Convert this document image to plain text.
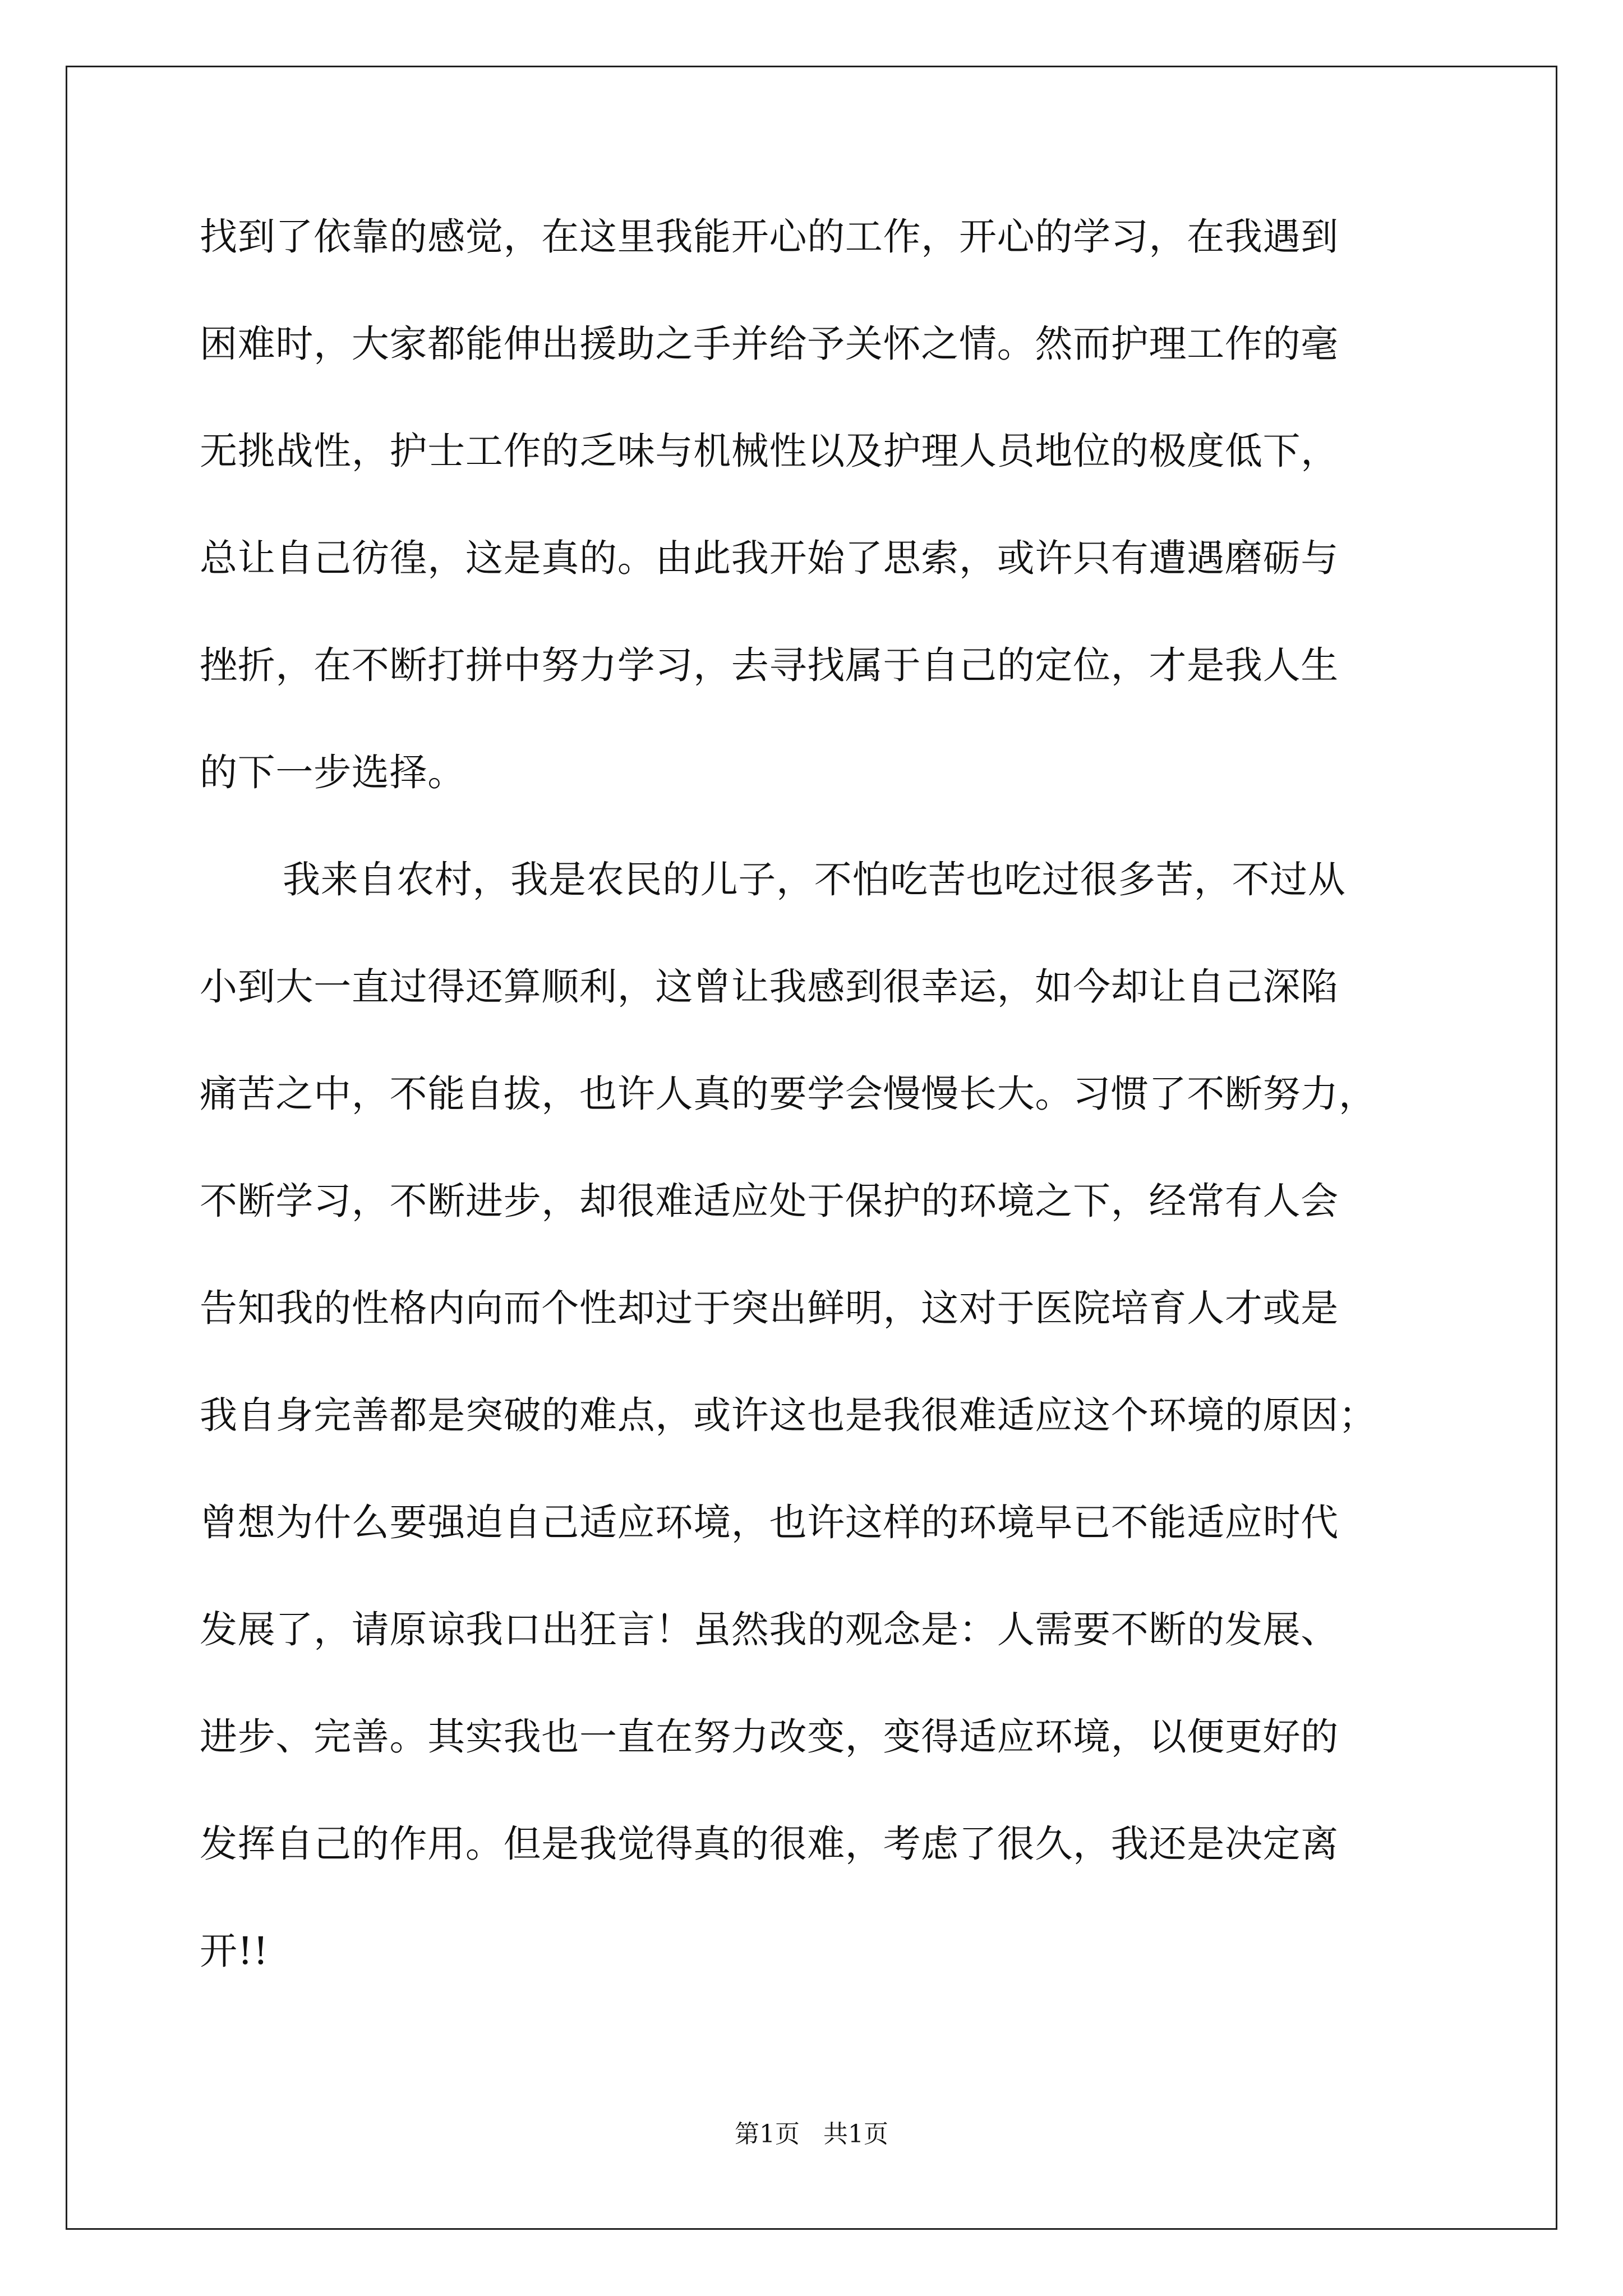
找到了依靠的感觉，在这里我能开心的工作，开心的学习，在我遇到
困难时，大家都能伸出援助之手并给予关怀之情。然而护理工作的毫
无挑战性，护士工作的乏味与机械性以及护理人员地位的极度低下，
总让自己彷徨，这是真的。由此我开始了思索，或许只有遭遇磨砺与
挫折，在不断打拼中努力学习，去寻找属于自己的定位，才是我人生
的下一步选择。
我来自农村，我是农民的儿子，不怕吃苦也吃过很多苦，不过从
小到大一直过得还算顺利，这曾让我感到很幸运，如今却让自己深陷
痛苦之中，不能自拔，也许人真的要学会慢慢长大。习惯了不断努力，
不断学习，不断进步，却很难适应处于保护的环境之下，经常有人会
告知我的性格内向而个性却过于突出鲜明，这对于医院培育人才或是
我自身完善都是突破的难点，或许这也是我很难适应这个环境的原因；
曾想为什么要强迫自己适应环境，也许这样的环境早已不能适应时代
发展了，请原谅我口出狂言！虽然我的观念是：人需要不断的发展、
进步、完善。其实我也一直在努力改变，变得适应环境，以便更好的
发挥自己的作用。但是我觉得真的很难，考虑了很久，我还是决定离
开!!
第1页   共1页
